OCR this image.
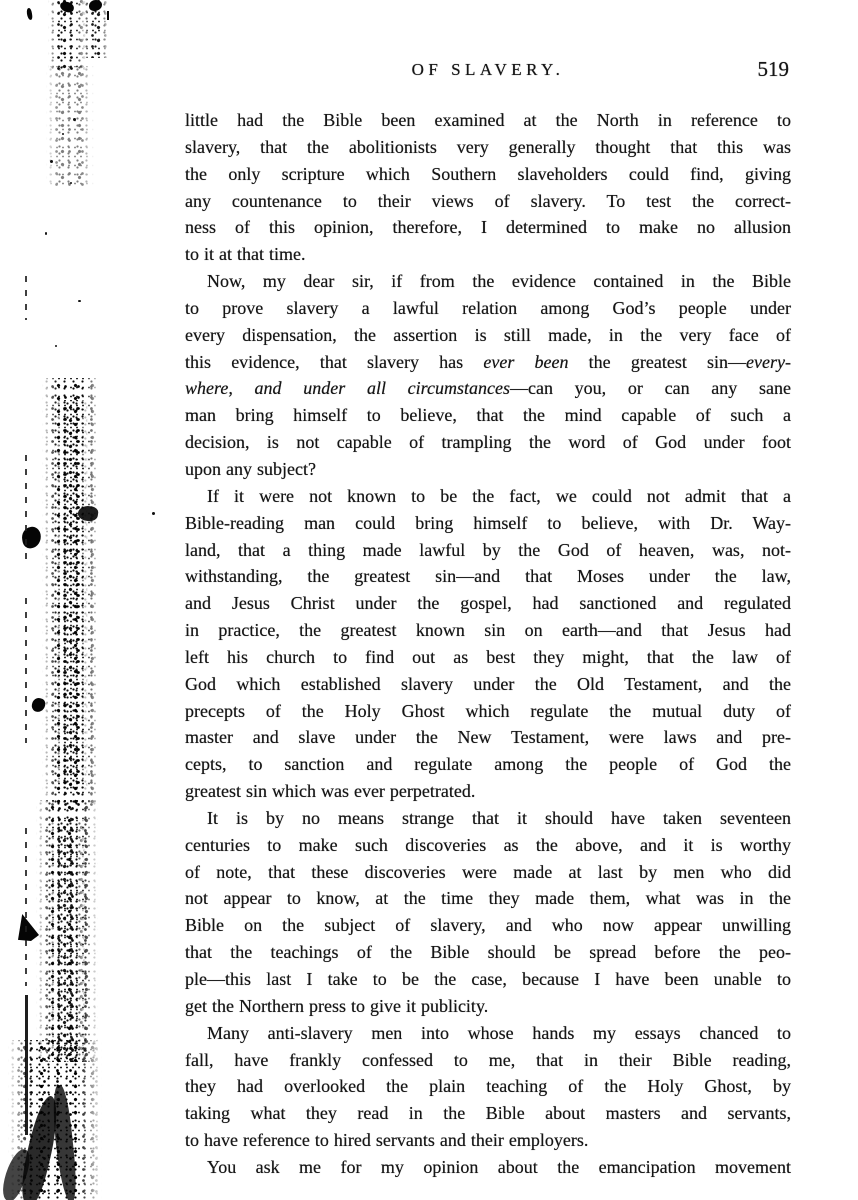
OF SLAVERY.	519
little had the Bible been examined at the North in reference to
slavery, that the abolitionists very generally thought that this was
the only scripture which Southern slaveholders could find, giving
any countenance to their views of slavery. To test the correct-
ness of this opinion, therefore, I determined to make no allusion
to it at that time.
Now, my dear sir, if from the evidence contained in the Bible
to prove slavery a lawful relation among God’s people under
every dispensation, the assertion is still made, in the very face of
this evidence, that slavery has ever been the greatest sin—every-
where, and under all circumstances—can you, or can any sane
man bring himself to believe, that the mind capable of such a
decision, is not capable of trampling the word of God under foot
upon any subject?
If it were not known to be the fact, we could not admit that a
Bible-reading man could bring himself to believe, with Dr. Way-
land, that a thing made lawful by the God of heaven, was, not-
withstanding, the greatest sin—and that Moses under the law,
and Jesus Christ under the gospel, had sanctioned and regulated
in practice, the greatest known sin on earth—and that Jesus had
left his church to find out as best they might, that the law of
God which established slavery under the Old Testament, and the
precepts of the Holy Ghost which regulate the mutual duty of
master and slave under the New Testament, were laws and pre-
cepts, to sanction and regulate among the people of God the
greatest sin which was ever perpetrated.
It is by no means strange that it should have taken seventeen
centuries to make such discoveries as the above, and it is worthy
of note, that these discoveries were made at last by men who did
not appear to know, at the time they made them, what was in the
Bible on the subject of slavery, and who now appear unwilling
that the teachings of the Bible should be spread before the peo-
ple—this last I take to be the case, because I have been unable to
get the Northern press to give it publicity.
Many anti-slavery men into whose hands my essays chanced to
fall, have frankly confessed to me, that in their Bible reading,
they had overlooked the plain teaching of the Holy Ghost, by
taking what they read in the Bible about masters and servants,
to have reference to hired servants and their employers.
You ask me for my opinion about the emancipation movement
